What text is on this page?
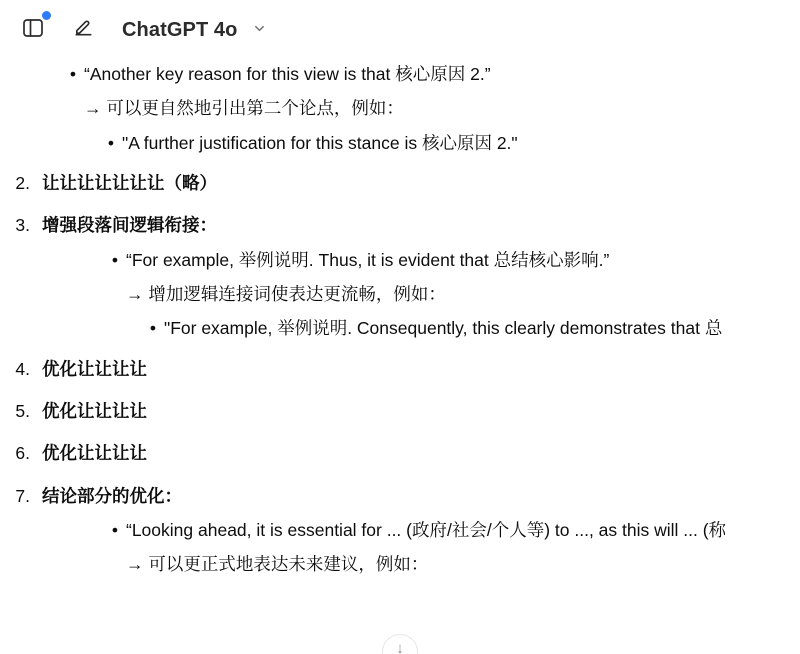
ChatGPT 4o
• “Another key reason for this view is that 核心原因 2.”
→ 可以更自然地引出第二个论点，例如：
• "A further justification for this stance is 核心原因 2."
2. 让让让让让让让（略）
3. 增强段落间逻辑衔接：
• “For example, 举例说明. Thus, it is evident that 总结核心影响.”
→ 增加逻辑连接词使表达更流畅，例如：
• "For example, 举例说明. Consequently, this clearly demonstrates that 总
4. 优化让让让让
5. 优化让让让让
6. 优化让让让让
7. 结论部分的优化：
• “Looking ahead, it is essential for ... (政府/社会/个人等) to ..., as this will ... (称
→ 可以更正式地表达未来建议，例如：
↓
